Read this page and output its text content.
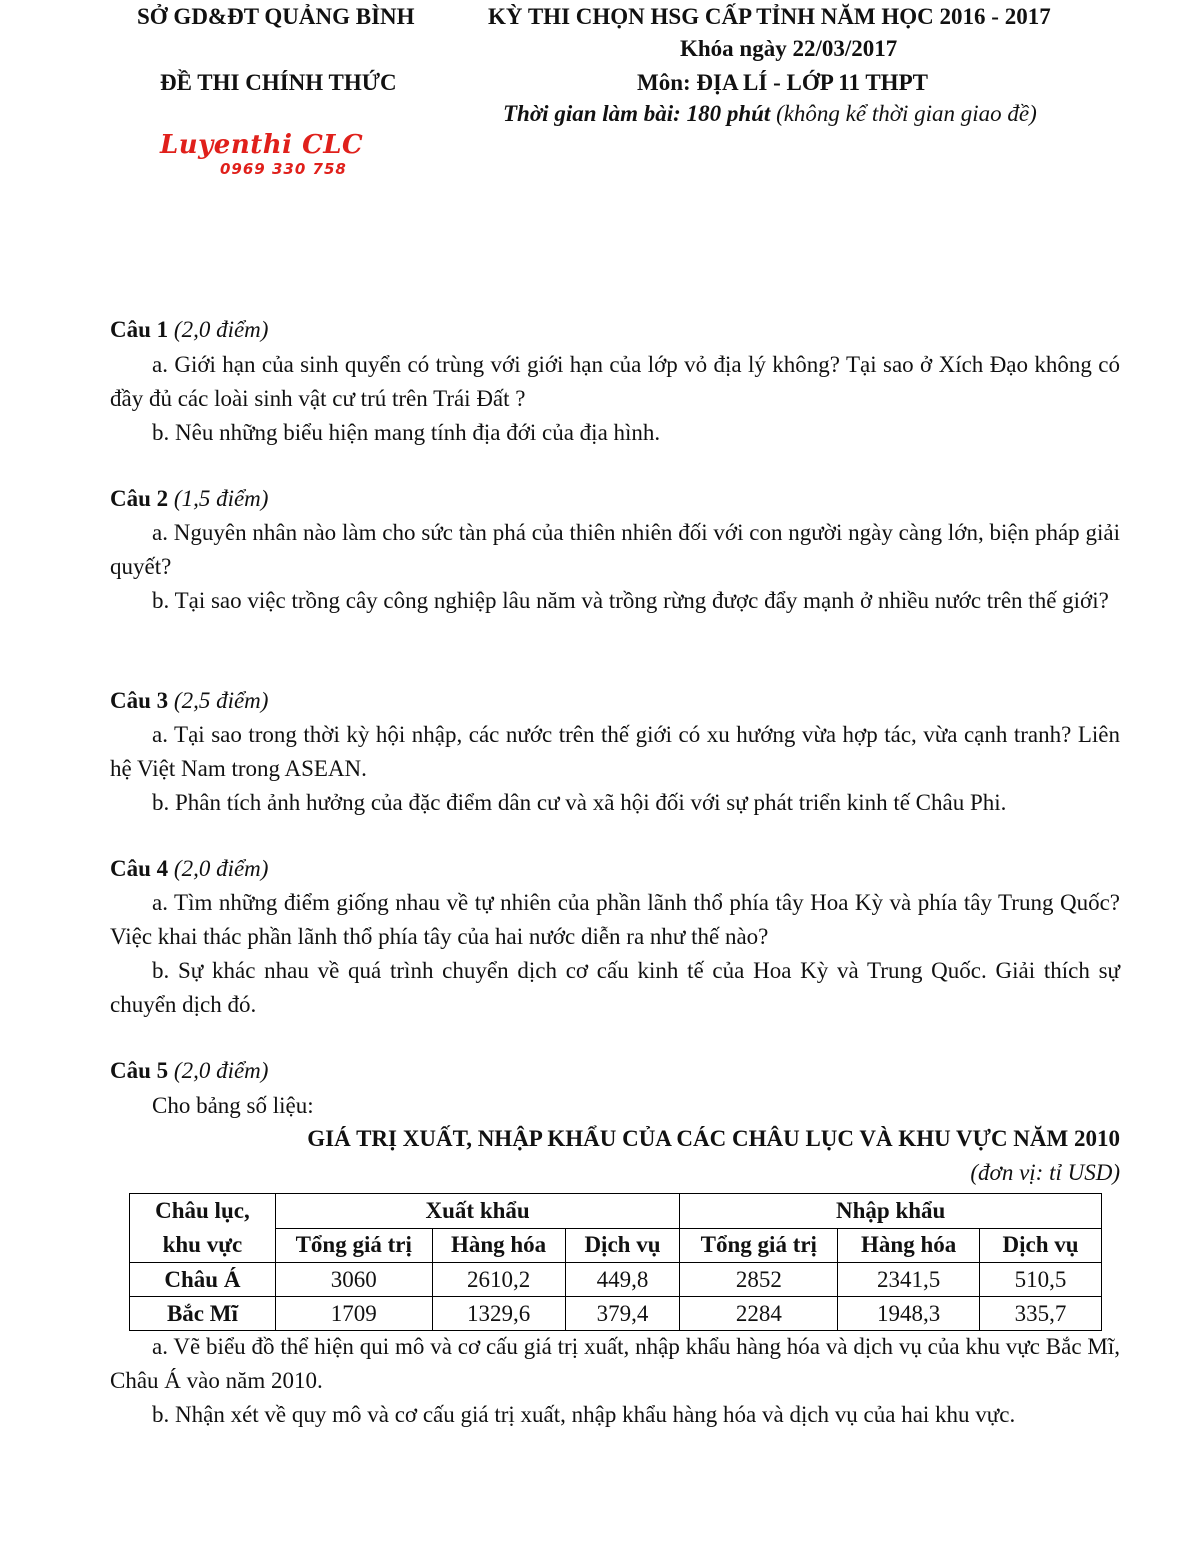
SỞ GD&ĐT QUẢNG BÌNH	KỲ THI CHỌN HSG CẤP TỈNH NĂM HỌC 2016 - 2017
Khóa ngày 22/03/2017
ĐỀ THI CHÍNH THỨC	Môn: ĐỊA LÍ - LỚP 11 THPT
Thời gian làm bài: 180 phút (không kể thời gian giao đề)
Luyenthi CLC
0969 330 758
Câu 1 (2,0 điểm)
a. Giới hạn của sinh quyển có trùng với giới hạn của lớp vỏ địa lý không? Tại sao ở Xích Đạo không có đầy đủ các loài sinh vật cư trú trên Trái Đất ?
b. Nêu những biểu hiện mang tính địa đới của địa hình.
Câu 2 (1,5 điểm)
a. Nguyên nhân nào làm cho sức tàn phá của thiên nhiên đối với con người ngày càng lớn, biện pháp giải quyết?
b. Tại sao việc trồng cây công nghiệp lâu năm và trồng rừng được đẩy mạnh ở nhiều nước trên thế giới?
Câu 3 (2,5 điểm)
a. Tại sao trong thời kỳ hội nhập, các nước trên thế giới có xu hướng vừa hợp tác, vừa cạnh tranh? Liên hệ Việt Nam trong ASEAN.
b. Phân tích ảnh hưởng của đặc điểm dân cư và xã hội đối với sự phát triển kinh tế Châu Phi.
Câu 4 (2,0 điểm)
a. Tìm những điểm giống nhau về tự nhiên của phần lãnh thổ phía tây Hoa Kỳ và phía tây Trung Quốc? Việc khai thác phần lãnh thổ phía tây của hai nước diễn ra như thế nào?
b. Sự khác nhau về quá trình chuyển dịch cơ cấu kinh tế của Hoa Kỳ và Trung Quốc. Giải thích sự chuyển dịch đó.
Câu 5 (2,0 điểm)
Cho bảng số liệu:
GIÁ TRỊ XUẤT, NHẬP KHẨU CỦA CÁC CHÂU LỤC VÀ KHU VỰC NĂM 2010
(đơn vị: tỉ USD)
Châu lục,
khu vực	Xuất khẩu			Nhập khẩu		
	Tổng giá trị	Hàng hóa	Dịch vụ	Tổng giá trị	Hàng hóa	Dịch vụ
Châu Á	3060	2610,2	449,8	2852	2341,5	510,5
Bắc Mĩ	1709	1329,6	379,4	2284	1948,3	335,7
a. Vẽ biểu đồ thể hiện qui mô và cơ cấu giá trị xuất, nhập khẩu hàng hóa và dịch vụ của khu vực Bắc Mĩ, Châu Á vào năm 2010.
b. Nhận xét về quy mô và cơ cấu giá trị xuất, nhập khẩu hàng hóa và dịch vụ của hai khu vực.
